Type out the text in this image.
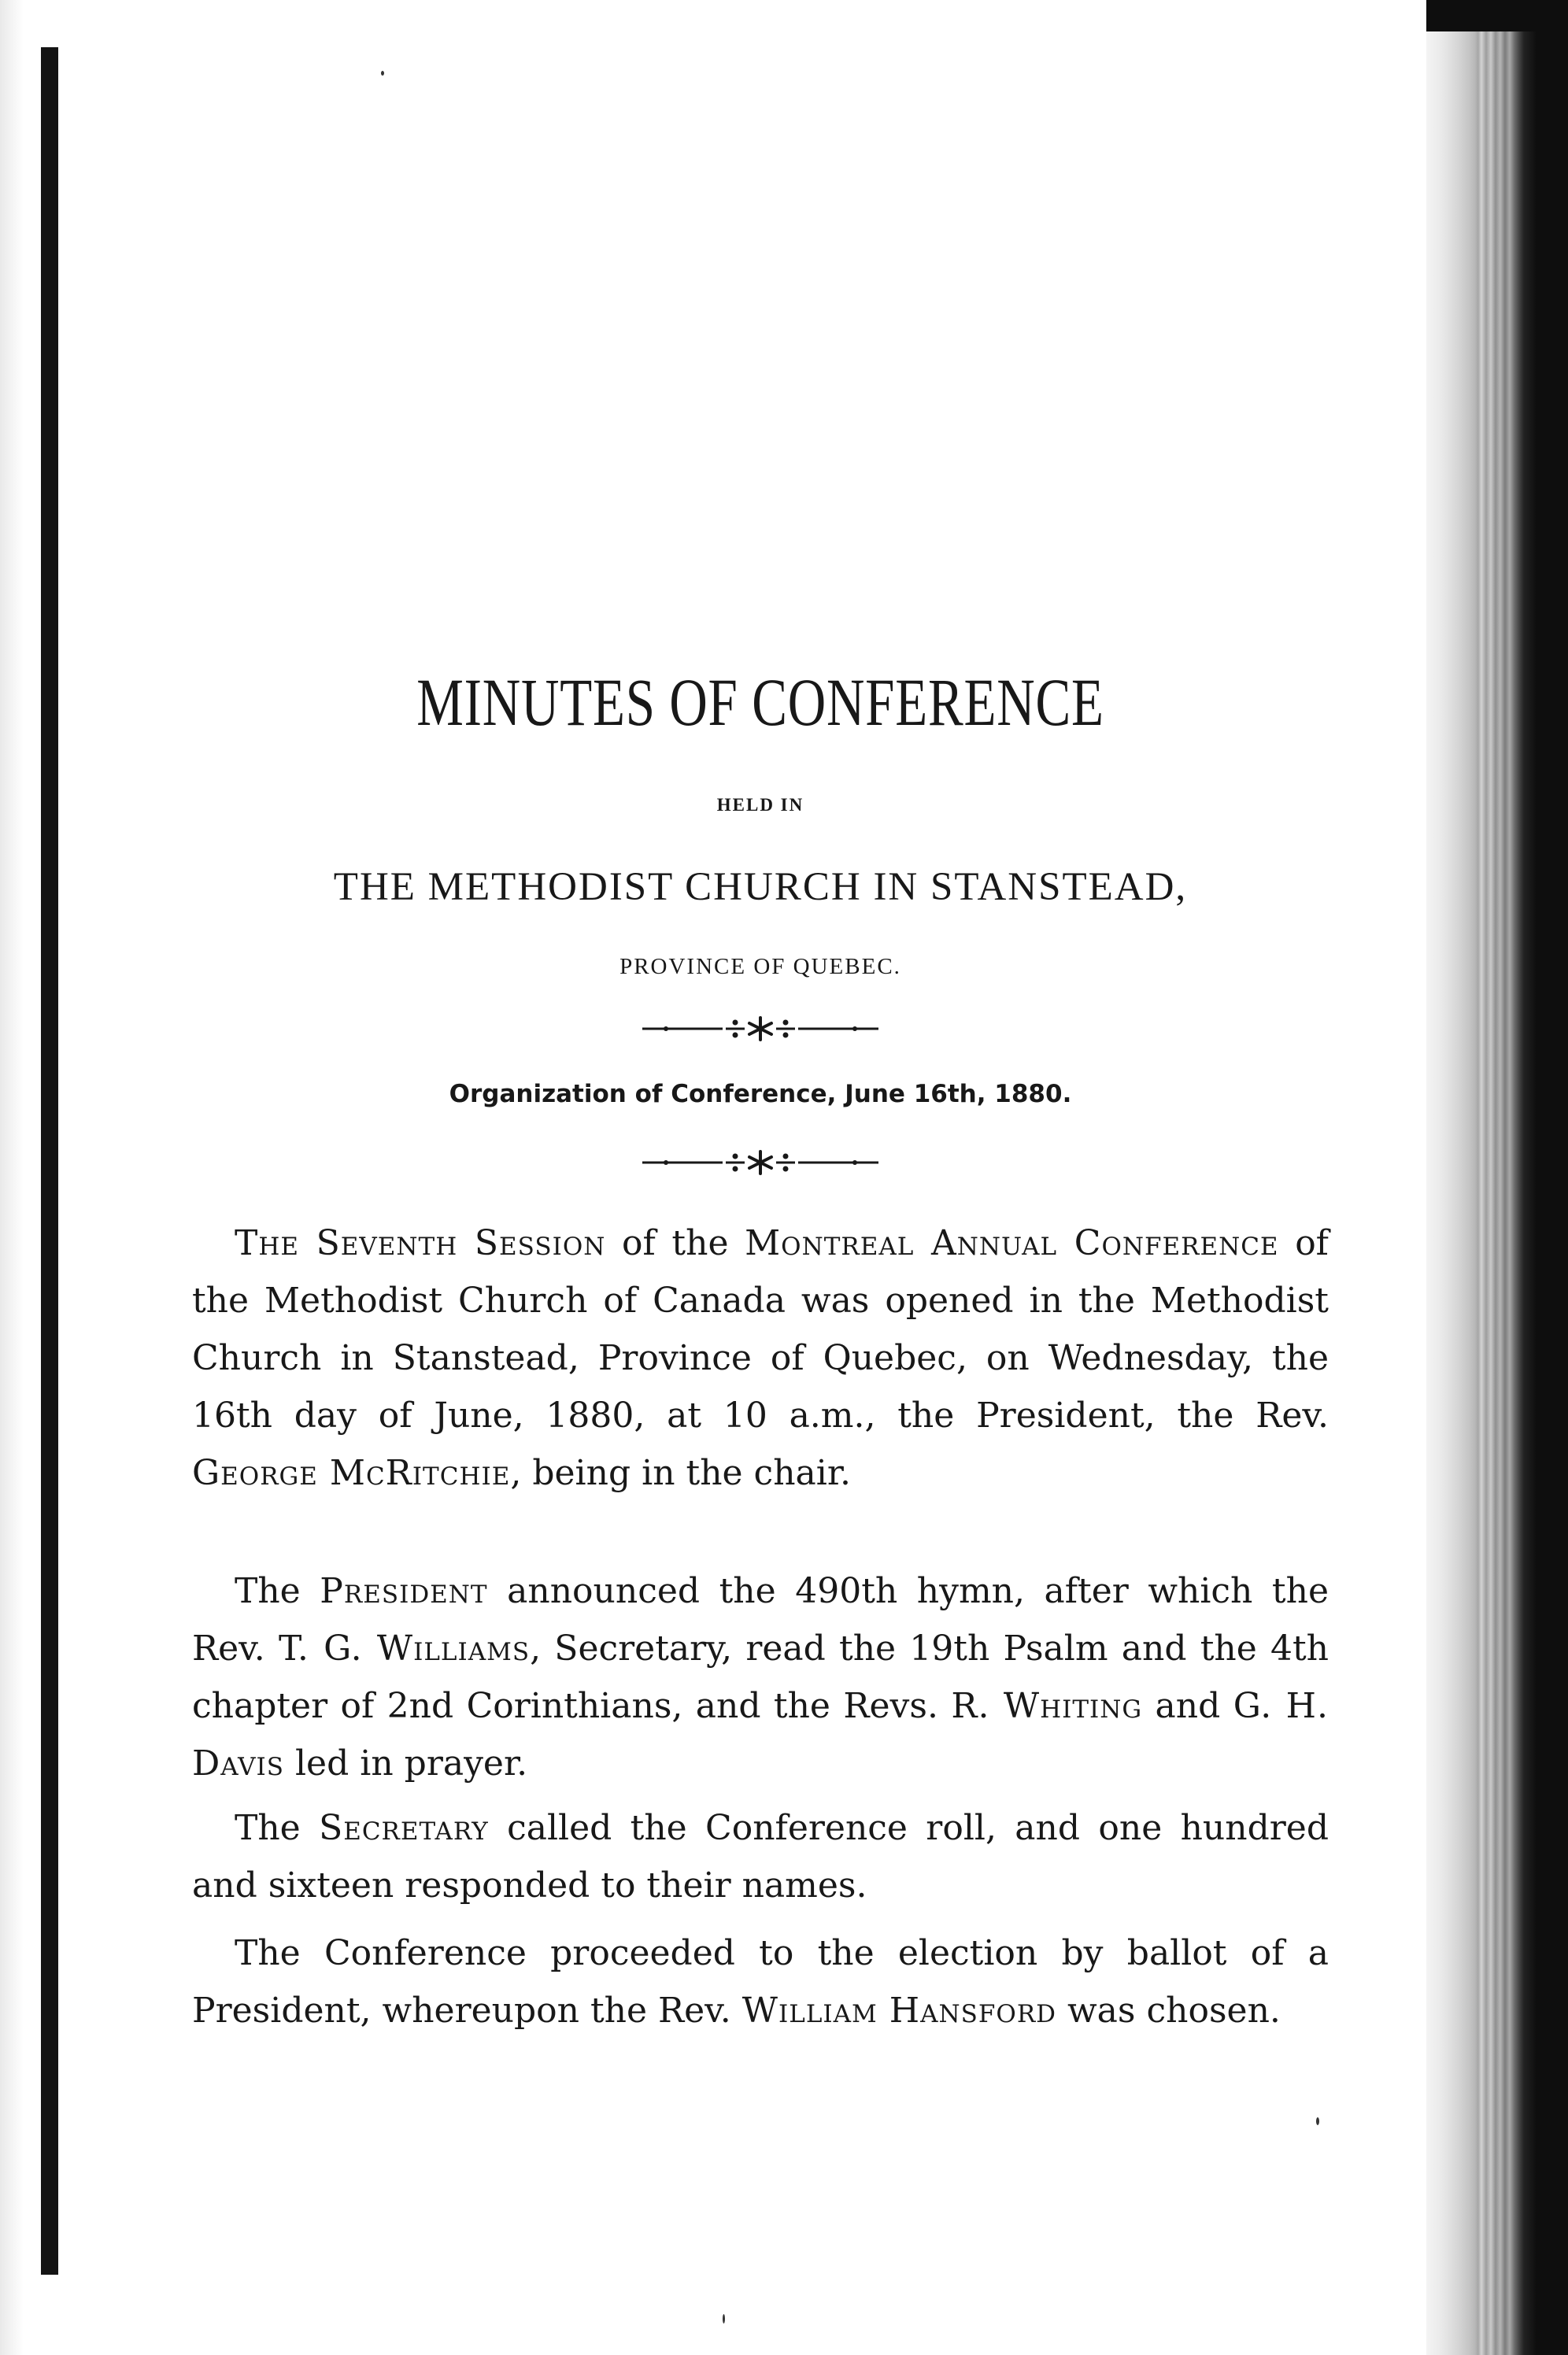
MINUTES OF CONFERENCE
HELD IN
THE METHODIST CHURCH IN STANSTEAD,
PROVINCE OF QUEBEC.
Organization of Conference, June 16th, 1880.

The Seventh Session of the Montreal Annual Conference of the Methodist Church of Canada was opened in the Methodist Church in Stanstead, Province of Quebec, on Wednesday, the 16th day of June, 1880, at 10 a.m., the President, the Rev. George McRitchie, being in the chair.

The President announced the 490th hymn, after which the Rev. T. G. Williams, Secretary, read the 19th Psalm and the 4th chapter of 2nd Corinthians, and the Revs. R. Whiting and G. H. Davis led in prayer.

The Secretary called the Conference roll, and one hundred and sixteen responded to their names.

The Conference proceeded to the election by ballot of a President, whereupon the Rev. William Hansford was chosen.
